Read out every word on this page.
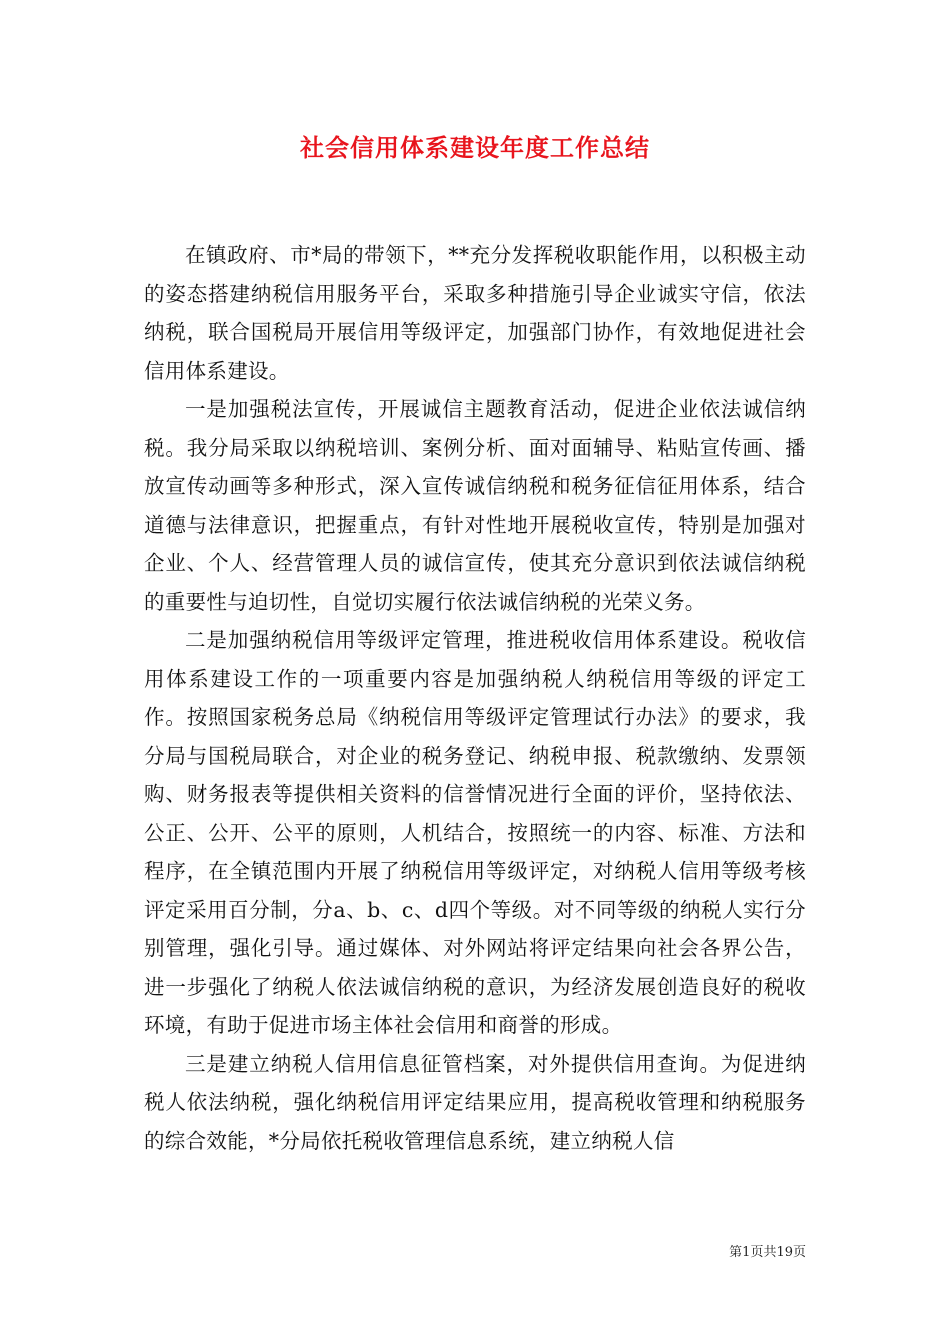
社会信用体系建设年度工作总结

在镇政府、市*局的带领下，**充分发挥税收职能作用，以积极主动的姿态搭建纳税信用服务平台，采取多种措施引导企业诚实守信，依法纳税，联合国税局开展信用等级评定，加强部门协作，有效地促进社会信用体系建设。

一是加强税法宣传，开展诚信主题教育活动，促进企业依法诚信纳税。我分局采取以纳税培训、案例分析、面对面辅导、粘贴宣传画、播放宣传动画等多种形式，深入宣传诚信纳税和税务征信征用体系，结合道德与法律意识，把握重点，有针对性地开展税收宣传，特别是加强对企业、个人、经营管理人员的诚信宣传，使其充分意识到依法诚信纳税的重要性与迫切性，自觉切实履行依法诚信纳税的光荣义务。

二是加强纳税信用等级评定管理，推进税收信用体系建设。税收信用体系建设工作的一项重要内容是加强纳税人纳税信用等级的评定工作。按照国家税务总局《纳税信用等级评定管理试行办法》的要求，我分局与国税局联合，对企业的税务登记、纳税申报、税款缴纳、发票领购、财务报表等提供相关资料的信誉情况进行全面的评价，坚持依法、公正、公开、公平的原则，人机结合，按照统一的内容、标准、方法和程序，在全镇范围内开展了纳税信用等级评定，对纳税人信用等级考核评定采用百分制，分a、b、c、d四个等级。对不同等级的纳税人实行分别管理，强化引导。通过媒体、对外网站将评定结果向社会各界公告，进一步强化了纳税人依法诚信纳税的意识，为经济发展创造良好的税收环境，有助于促进市场主体社会信用和商誉的形成。

三是建立纳税人信用信息征管档案，对外提供信用查询。为促进纳税人依法纳税，强化纳税信用评定结果应用，提高税收管理和纳税服务的综合效能，*分局依托税收管理信息系统，建立纳税人信

第1页共19页
